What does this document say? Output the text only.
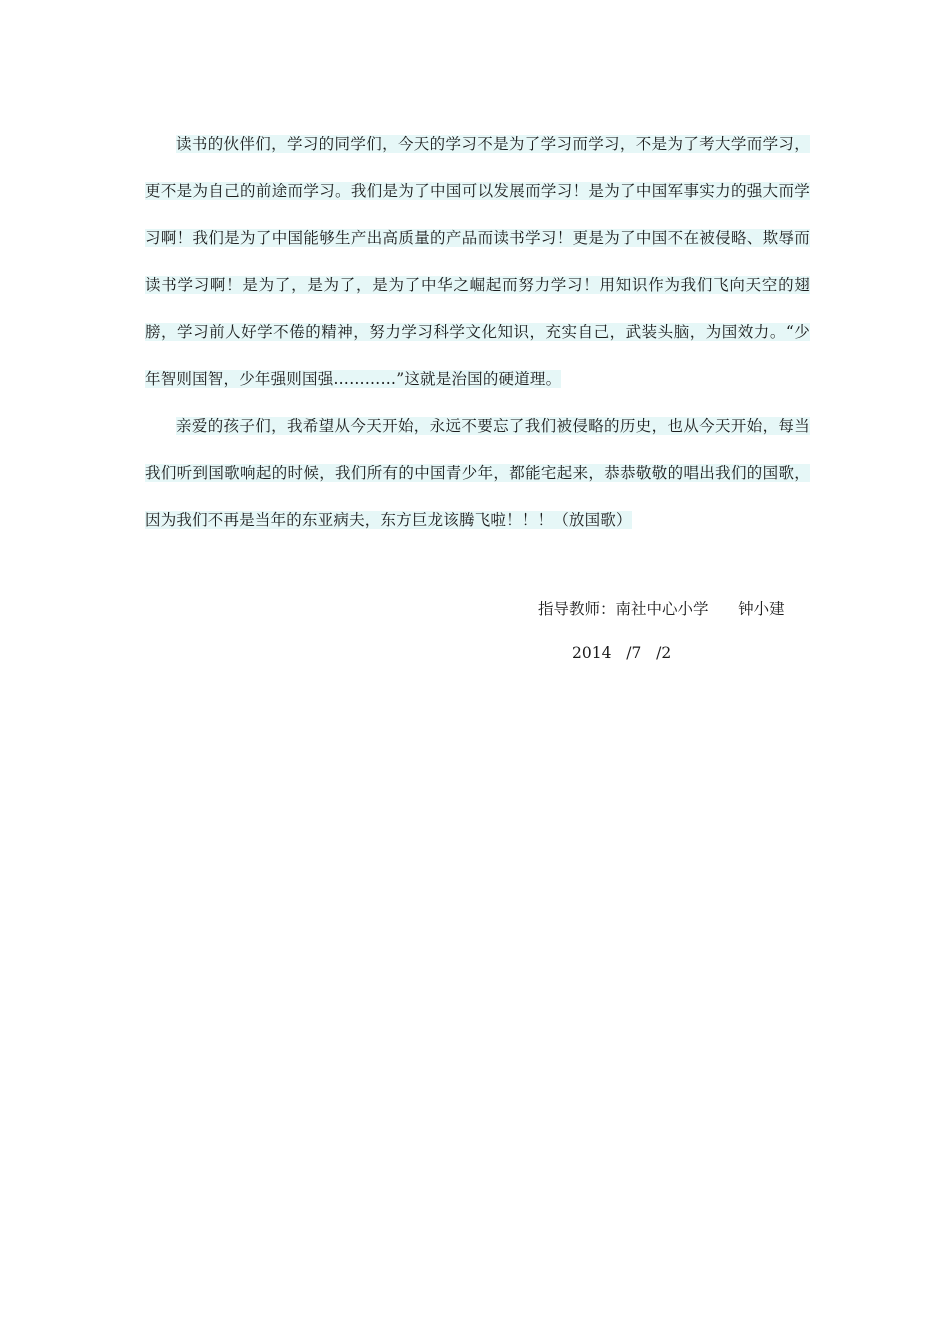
读书的伙伴们，学习的同学们，今天的学习不是为了学习而学习，不是为了考大学而学习，更不是为自己的前途而学习。我们是为了中国可以发展而学习！是为了中国军事实力的强大而学习啊！我们是为了中国能够生产出高质量的产品而读书学习！更是为了中国不在被侵略、欺辱而读书学习啊！是为了，是为了，是为了中华之崛起而努力学习！用知识作为我们飞向天空的翅膀，学习前人好学不倦的精神，努力学习科学文化知识，充实自己，武装头脑，为国效力。“少年智则国智，少年强则国强…………”这就是治国的硬道理。

亲爱的孩子们，我希望从今天开始，永远不要忘了我们被侵略的历史，也从今天开始，每当我们听到国歌响起的时候，我们所有的中国青少年，都能宅起来，恭恭敬敬的唱出我们的国歌，因为我们不再是当年的东亚病夫，东方巨龙该腾飞啦！！！（放国歌）

指导教师：南社中心小学      钟小建
2014   /7   /2
